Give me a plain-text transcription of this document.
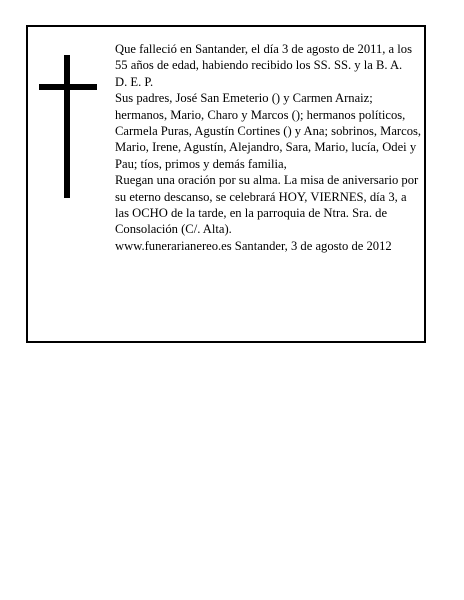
Que falleció en Santander, el día 3 de agosto de 2011, a los 55 años de edad, habiendo recibido los SS. SS. y la B. A.

D. E. P.

Sus padres, José San Emeterio () y Carmen Arnaiz; hermanos, Mario, Charo y Marcos (); hermanos políticos, Carmela Puras, Agustín Cortines () y Ana; sobrinos, Marcos, Mario, Irene, Agustín, Alejandro, Sara, Mario, lucía, Odei y Pau; tíos, primos y demás familia,

Ruegan una oración por su alma. La misa de aniversario por su eterno descanso, se celebrará HOY, VIERNES, día 3, a las OCHO de la tarde, en la parroquia de Ntra. Sra. de Consolación (C/. Alta).

www.funerarianereo.es Santander, 3 de agosto de 2012
